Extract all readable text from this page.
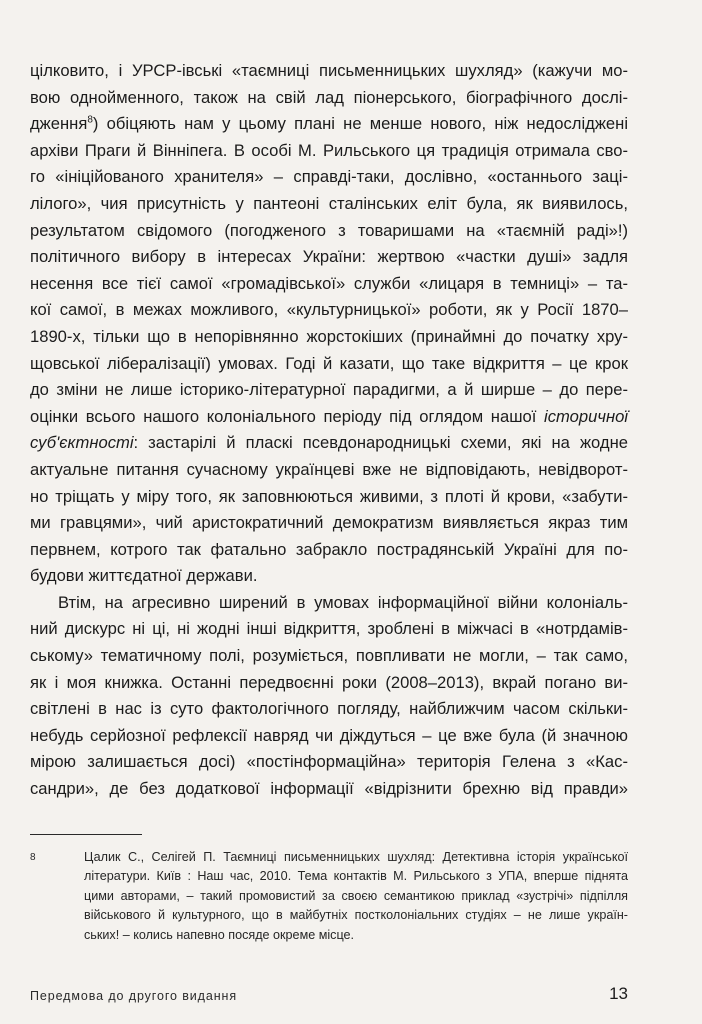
цілковито, і УРСР-івські «таємниці письменницьких шухляд» (кажучи мо-
вою однойменного, також на свій лад піонерського, біографічного дослі-
дження$^8$) обіцяють нам у цьому плані не менше нового, ніж недосліджені
архіви Праги й Вінніпега. В особі М. Рильського ця традиція отримала сво-
го «ініційованого хранителя» – справді-таки, дослівно, «останнього заці-
лілого», чия присутність у пантеоні сталінських еліт була, як виявилось,
результатом свідомого (погодженого з товаришами на «таємній раді»!)
політичного вибору в інтересах України: жертвою «частки душі» задля
несення все тієї самої «громадівської» служби «лицаря в темниці» – та-
кої самої, в межах можливого, «культурницької» роботи, як у Росії 1870–
1890-х, тільки що в непорівнянно жорстокіших (принаймні до початку хру-
щовської лібералізації) умовах. Годі й казати, що таке відкриття – це крок
до зміни не лише історико-літературної парадигми, а й ширше – до пере-
оцінки всього нашого колоніального періоду під оглядом нашої історичної
суб'єктності: застарілі й пласкі псевдонародницькі схеми, які на жодне
актуальне питання сучасному українцеві вже не відповідають, невідворот-
но тріщать у міру того, як заповнюються живими, з плоті й крови, «забути-
ми гравцями», чий аристократичний демократизм виявляється якраз тим
первнем, котрого так фатально забракло пострадянській Україні для по-
будови життєдатної держави.

Втім, на агресивно ширений в умовах інформаційної війни колоніаль-
ний дискурс ні ці, ні жодні інші відкриття, зроблені в міжчасі в «нотрдамів-
ському» тематичному полі, розуміється, повпливати не могли, – так само,
як і моя книжка. Останні передвоєнні роки (2008–2013), вкрай погано ви-
світлені в нас із суто фактологічного погляду, найближчим часом скільки-
небудь серйозної рефлексії навряд чи діждуться – це вже була (й значною
мірою залишається досі) «постінформаційна» територія Гелена з «Кас-
сандри», де без додаткової інформації «відрізнити брехню від правди»

8	Цалик С., Селігей П. Таємниці письменницьких шухляд: Детективна історія української
літератури. Київ : Наш час, 2010. Тема контактів М. Рильського з УПА, вперше піднята
цими авторами, – такий промовистий за своєю семантикою приклад «зустрічі» підпілля
військового й культурного, що в майбутніх постколоніальних студіях – не лише україн-
ських! – колись напевно посяде окреме місце.
Передмова до другого видання	13
